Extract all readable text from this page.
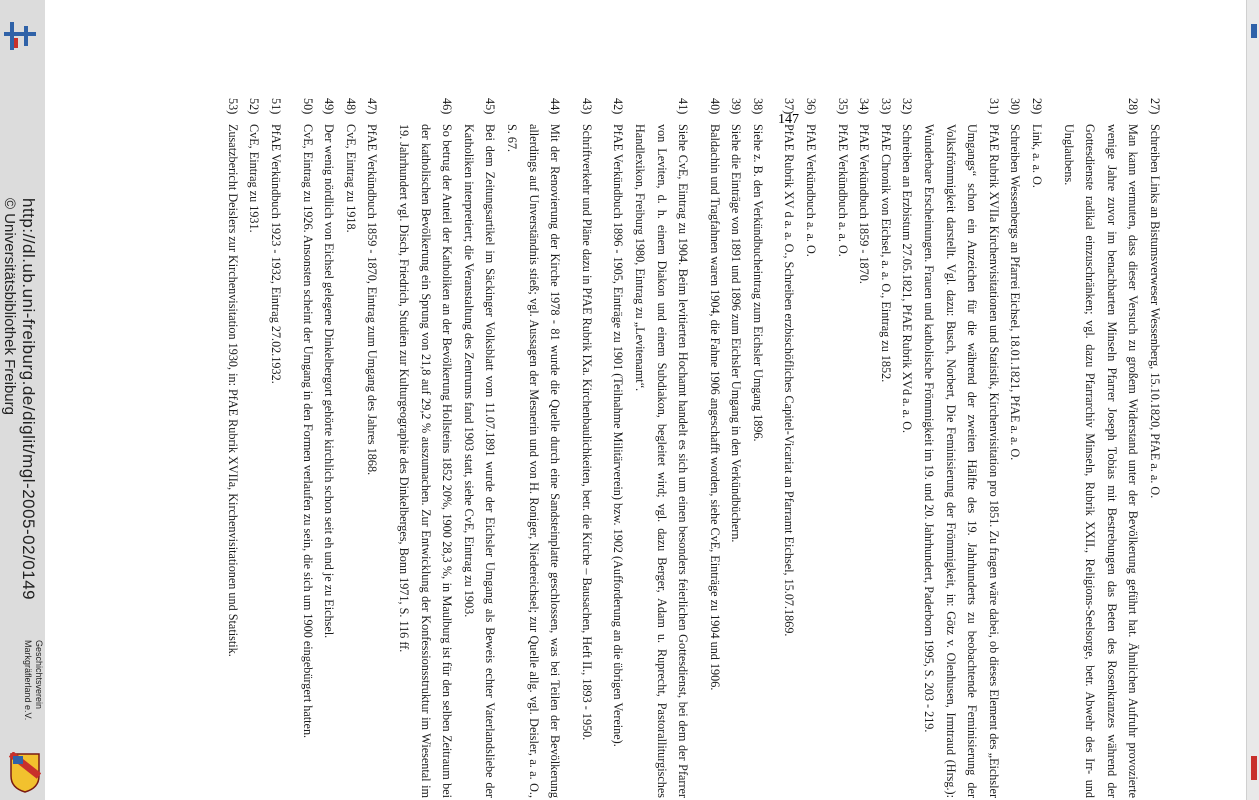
http://dl.ub.uni-freiburg.de/diglit/mgl-2005-02/0149
© Universitätsbibliothek Freiburg
Geschichtsverein
Markgräflerland e.V.
27)
Schreiben Links an Bistumsverweser Wessenberg, 15.10.1820, PfAE a. a. O.
28)
Man kann vermuten, dass dieser Versuch zu großem Widerstand unter der Bevölkerung geführt hat. Ähnlichen Aufruhr provozierte wenige Jahre zuvor im benachbarten Minseln Pfarrer Joseph Tobias mit Bestrebungen das Beten des Rosenkranzes während der Gottesdienste radikal einzuschränken; vgl. dazu Pfarrarchiv Minseln, Rubrik XXII., Religions-Seelsorge, betr. Abwehr des Irr- und Unglaubens.
29)
Link, a. a. O.
30)
Schreiben Wessenbergs an Pfarrei Eichsel, 18.01.1821, PfAE a. a. O.
31)
PfAE Rubrik XVIIa Kirchenvisitationen und Statistik, Kirchenvisitation pro 1851. Zu fragen wäre dabei, ob dieses Element des „Eichsler Umgangs“ schon ein Anzeichen für die während der zweiten Hälfte des 19. Jahrhunderts zu beobachtende Feminisierung der Volksfrömmigkeit darstellt. Vgl. dazu: Busch, Norbert, Die Feminisierung der Frömmigkeit, in: Götz v. Olenhusen, Irmtraud (Hrsg.): Wunderbare Erscheinungen. Frauen und katholische Frömmigkeit im 19. und 20. Jahrhundert, Paderborn 1995, S. 203 - 219.
32)
Schreiben an Erzbistum 27.05.1821, PfAE Rubrik XVd a. a. O.
33)
PfAE Chronik von Eichsel, a. a. O., Eintrag zu 1852.
34)
PfAE Verkündbuch 1859 - 1870.
35)
PfAE Verkündbuch a. a. O.
36)
PfAE Verkündbuch a. a. O.
37)
PfAE Rubrik XV d a. a. O., Schreiben erzbischöfliches Capitel-Vicariat an Pfarramt Eichsel, 15.07.1869.
38)
Siehe z. B. den Verkündbucheintrag zum Eichsler Umgang 1896.
39)
Siehe die Einträge von 1891 und 1896 zum Eichsler Umgang in den Verkündbüchern.
40)
Baldachin und Tragfahnen waren 1904, die Fahne 1906 angeschafft worden, siehe CvE, Einträge zu 1904 und 1906.
41)
Siehe CvE, Eintrag zu 1904. Beim levitierten Hochamt handelt es sich um einen besonders feierlichen Gottesdienst, bei dem der Pfarrer von Leviten, d. h. einem Diakon und einem Subdiakon, begleitet wird; vgl. dazu Berger, Adam u. Ruprecht, Pastoralliturgisches Handlexikon, Freiburg 1980, Eintrag zu „Levitenamt“.
42)
PfAE Verkündbuch 1896 - 1905, Einträge zu 1901 (Teilnahme Militärverein) bzw. 1902 (Aufforderung an die übrigen Vereine).
43)
Schriftverkehr und Pläne dazu in PfAE Rubrik IXa. Kirchenbaulichkeiten, betr. die Kirche – Bausachen, Heft II., 1893 - 1950.
44)
Mit der Renovierung der Kirche 1978 - 81 wurde die Quelle durch eine Sandsteinplatte geschlossen, was bei Teilen der Bevölkerung allerdings auf Unverständnis stieß; vgl. Aussagen der Mesnerin und von H. Roniger, Niedereichsel; zur Quelle allg. vgl. Deisler, a. a. O., S. 67.
45)
Bei dem Zeitungsartikel im Säckinger Volksblatt vom 11.07.1891 wurde der Eichsler Umgang als Beweis echter Vaterlandsliebe der Katholiken interpretiert; die Veranstaltung des Zentrums fand 1903 statt, siehe CvE, Eintrag zu 1903.
46)
So betrug der Anteil der Katholiken an der Bevölkerung Hollsteins 1852 20%, 1900 28,3 %, in Maulburg ist für den selben Zeitraum bei der katholischen Bevölkerung ein Sprung von 21,8 auf 29,2 % auszumachen. Zur Entwicklung der Konfessionsstruktur im Wiesental im 19. Jahrhundert vgl. Disch, Friedrich, Studien zur Kulturgeographie des Dinkelberges, Bonn 1971, S. 116 ff.
47)
PfAE Verkündbuch 1859 - 1870, Eintrag zum Umgang des Jahres 1868.
48)
CvE, Eintrag zu 1918.
49)
Der wenig nördlich von Eichsel gelegene Dinkelbergort gehörte kirchlich schon seit eh und je zu Eichsel.
50)
CvE, Eintrag zu 1926. Ansonsten scheint der Umgang in den Formen verlaufen zu sein, die sich um 1900 eingebürgert hatten.
51)
PfAE Verkündbuch 1923 - 1932, Eintrag 27.02.1932.
52)
CvE, Eintrag zu 1931.
53)
Zusatzbericht Deislers zur Kirchenvisitation 1930, in: PfAE Rubrik XVIIa, Kirchenvisitationen und Statistik.
147
